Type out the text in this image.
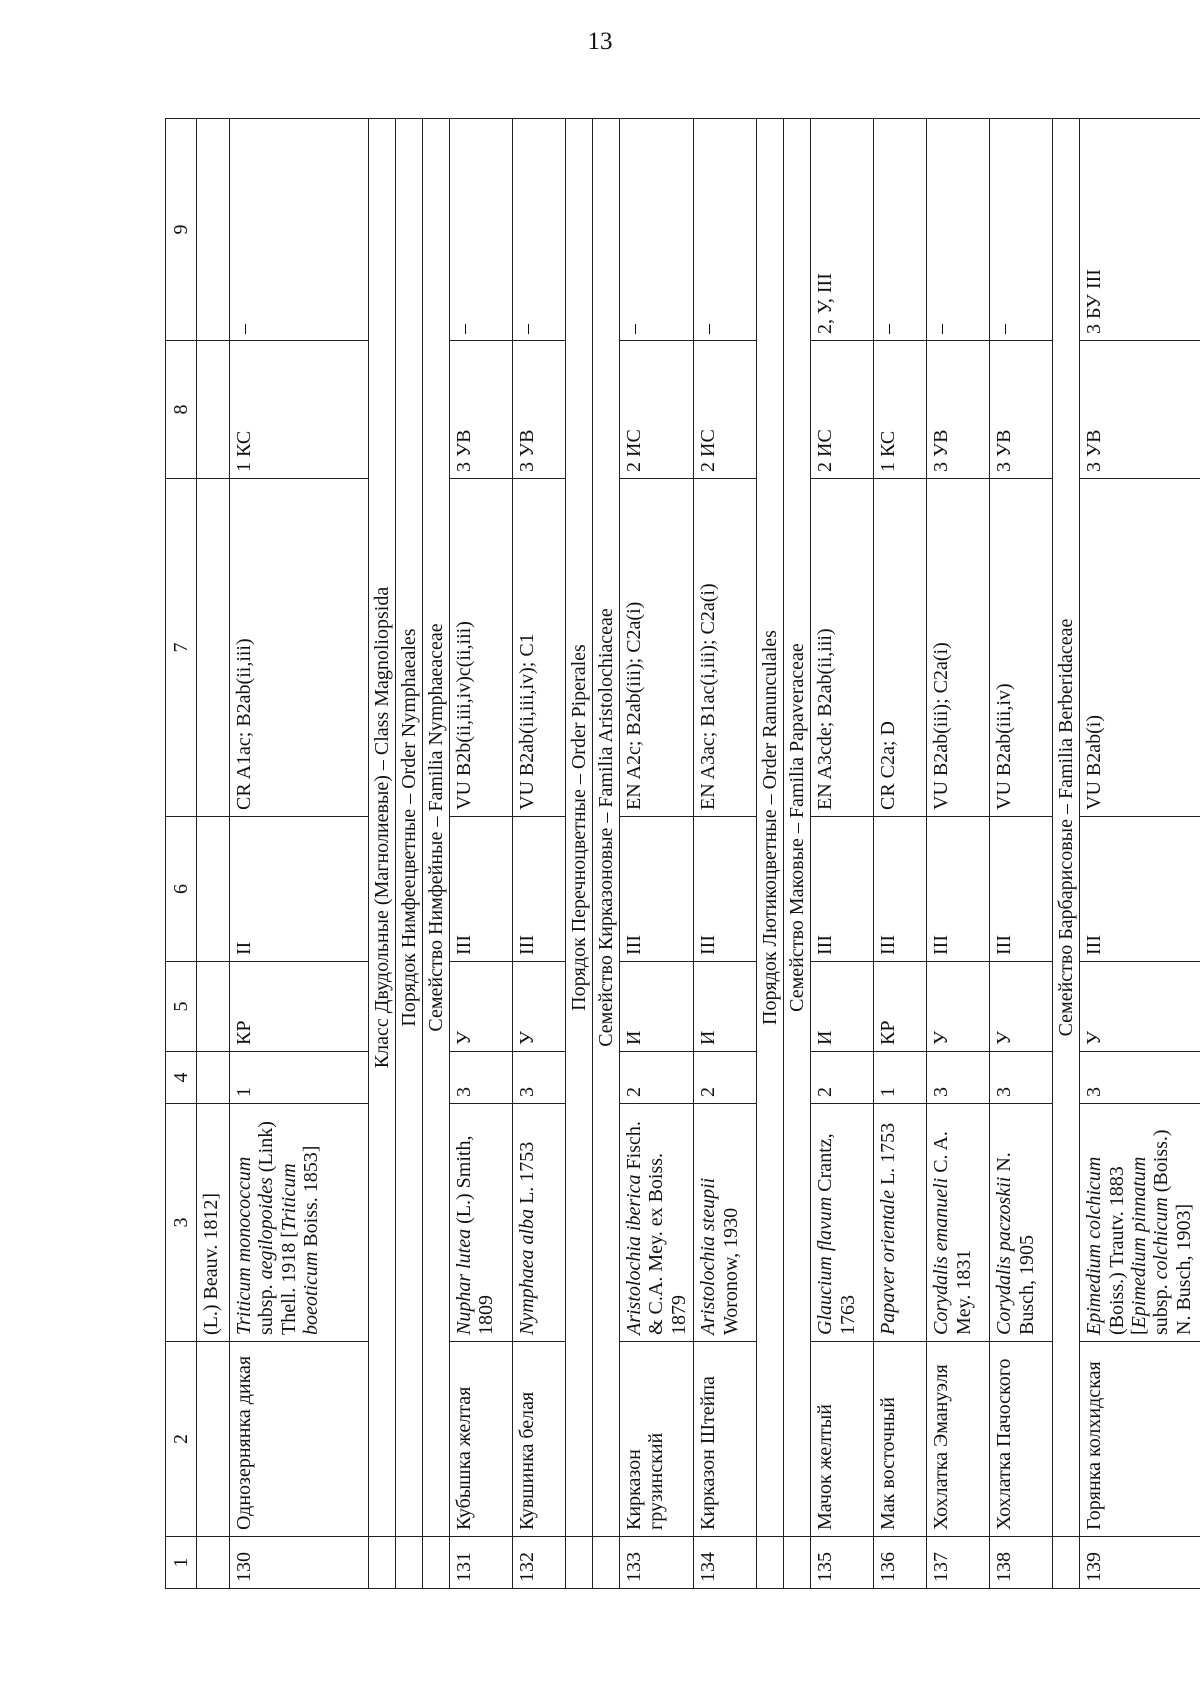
13
1	2	3	4	5	6	7	8	9
		(L.) Beauv. 1812]						
130	Однозернянка дикая	Triticum monococcum subsp. aegilopoides (Link) Thell. 1918 [Triticum boeoticum Boiss. 1853]	1	КР	II	CR A1ac; B2ab(ii,iii)	1 КС	–
	Класс Двудольные (Магнолиевые) – Class Magnoliopsida							
	Порядок Нимфеецветные – Order Nymphaeales							
	Семейство Нимфейные – Familia Nymphaeaceae							
131	Кубышка желтая	Nuphar lutea (L.) Smith, 1809	3	У	III	VU B2b(ii,iii,iv)c(ii,iii)	3 УВ	–
132	Кувшинка белая	Nymphaea alba L. 1753	3	У	III	VU B2ab(ii,iii,iv); C1	3 УВ	–
	Порядок Перечноцветные – Order Piperales							
	Семейство Кирказоновые – Familia Aristolochiaceae							
133	Кирказон грузинский	Aristolochia iberica Fisch. & C.A. Mey. ex Boiss. 1879	2	И	III	EN A2c; B2ab(iii); C2a(i)	2 ИС	–
134	Кирказон Штейпа	Aristolochia steupii Woronow, 1930	2	И	III	EN A3ac; B1ac(i,iii); C2a(i)	2 ИС	–
	Порядок Лютикоцветные – Order Ranunculales							
	Семейство Маковые – Familia Papaveraceae							
135	Мачок желтый	Glaucium flavum Crantz, 1763	2	И	III	EN A3cde; B2ab(ii,iii)	2 ИС	2, У, III
136	Мак восточный	Papaver orientale L. 1753	1	КР	III	CR C2a; D	1 КС	–
137	Хохлатка Эмануэля	Corydalis emanueli C. A. Mey. 1831	3	У	III	VU B2ab(iii); C2a(i)	3 УВ	–
138	Хохлатка Пачоского	Corydalis paczoskii N. Busch, 1905	3	У	III	VU B2ab(iii,iv)	3 УВ	–
	Семейство Барбарисовые – Familia Berberidaceae							
139	Горянка колхидская	Epimedium colchicum (Boiss.) Trautv. 1883 [Epimedium pinnatum subsp. colchicum (Boiss.) N. Busch, 1903]	3	У	III	VU B2ab(i)	3 УВ	3 БУ III
